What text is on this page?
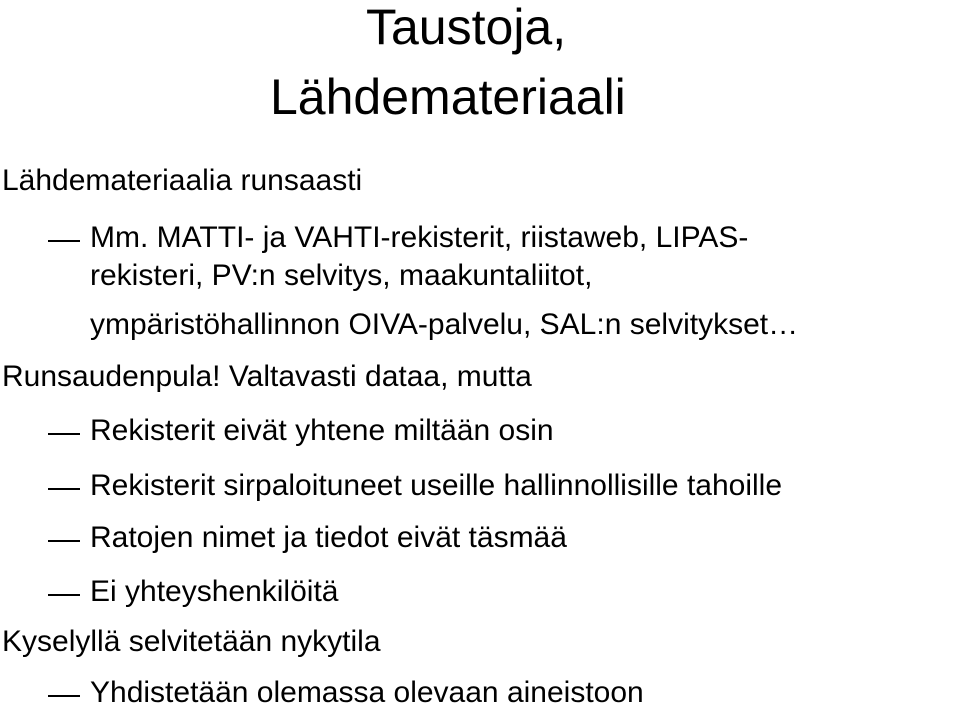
Taustoja,
Lähdemateriaali
Lähdemateriaalia runsaasti
Mm. MATTI- ja VAHTI-rekisterit, riistaweb, LIPAS-
rekisteri, PV:n selvitys, maakuntaliitot,
ympäristöhallinnon OIVA-palvelu, SAL:n selvitykset…
Runsaudenpula! Valtavasti dataa, mutta
Rekisterit eivät yhtene miltään osin
Rekisterit sirpaloituneet useille hallinnollisille tahoille
Ratojen nimet ja tiedot eivät täsmää
Ei yhteyshenkilöitä
Kyselyllä selvitetään nykytila
Yhdistetään olemassa olevaan aineistoon
